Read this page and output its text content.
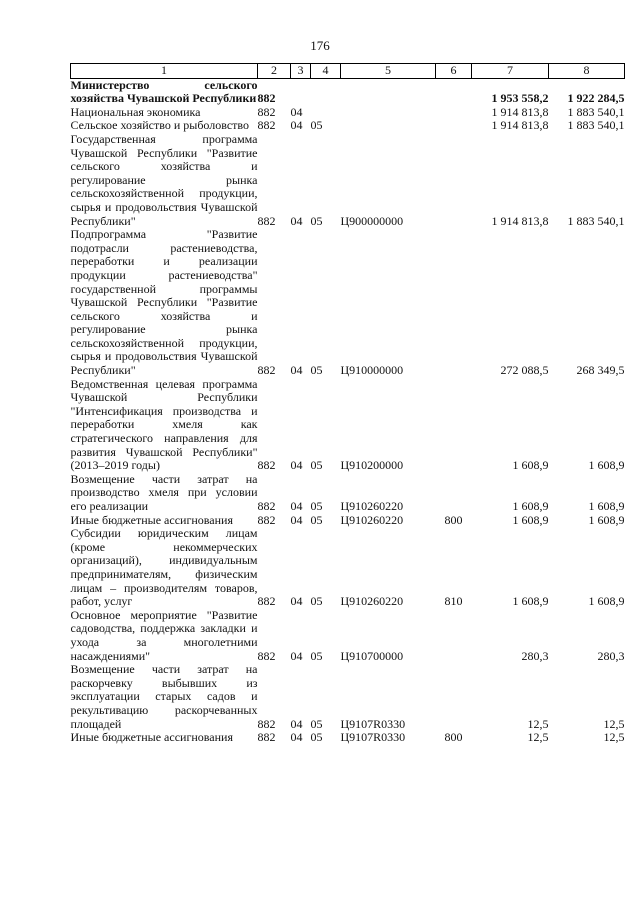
176
1	2	3	4	5	6	7	8
Министерство сельского хозяйства Чувашской Республики	882					1 953 558,2	1 922 284,5
Национальная экономика	882	04				1 914 813,8	1 883 540,1
Сельское хозяйство и рыболовство	882	04	05			1 914 813,8	1 883 540,1
Государственная программа Чувашской Республики "Развитие сельского хозяйства и регулирование рынка сельскохозяйственной продукции, сырья и продовольствия Чувашской Республики"	882	04	05	Ц900000000		1 914 813,8	1 883 540,1
Подпрограмма "Развитие подотрасли растениеводства, переработки и реализации продукции растениеводства" государственной программы Чувашской Республики "Развитие сельского хозяйства и регулирование рынка сельскохозяйственной продукции, сырья и продовольствия Чувашской Республики"	882	04	05	Ц910000000		272 088,5	268 349,5
Ведомственная целевая программа Чувашской Республики "Интенсификация производства и переработки хмеля как стратегического направления для развития Чувашской Республики" (2013–2019 годы)	882	04	05	Ц910200000		1 608,9	1 608,9
Возмещение части затрат на производство хмеля при условии его реализации	882	04	05	Ц910260220		1 608,9	1 608,9
Иные бюджетные ассигнования	882	04	05	Ц910260220	800	1 608,9	1 608,9
Субсидии юридическим лицам (кроме некоммерческих организаций), индивидуальным предпринимателям, физическим лицам – производителям товаров, работ, услуг	882	04	05	Ц910260220	810	1 608,9	1 608,9
Основное мероприятие "Развитие садоводства, поддержка закладки и ухода за многолетними насаждениями"	882	04	05	Ц910700000		280,3	280,3
Возмещение части затрат на раскорчевку выбывших из эксплуатации старых садов и рекультивацию раскорчеванных площадей	882	04	05	Ц9107R0330		12,5	12,5
Иные бюджетные ассигнования	882	04	05	Ц9107R0330	800	12,5	12,5
